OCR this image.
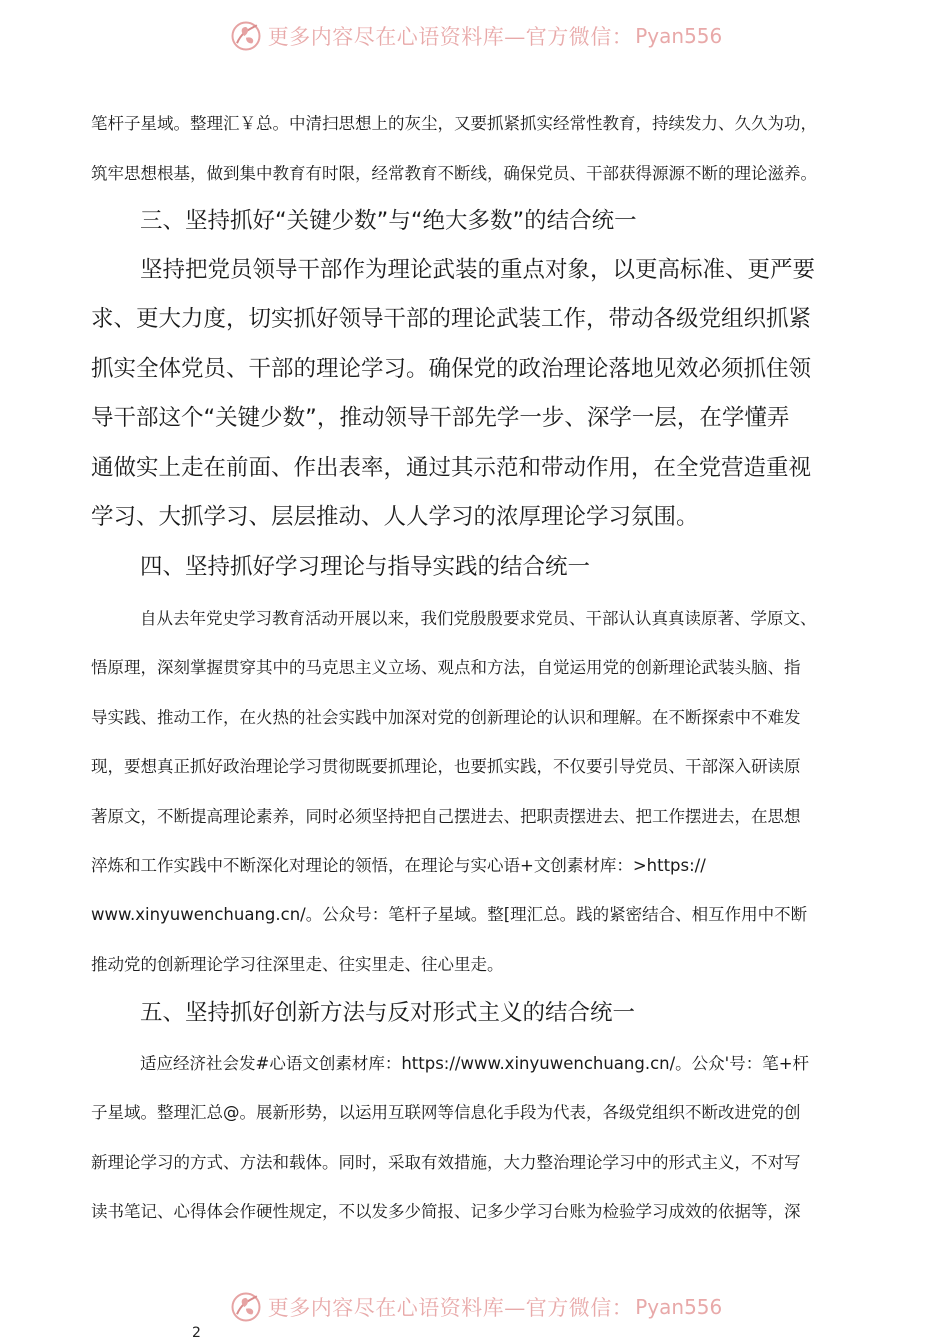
更多内容尽在心语资料库—官方微信： Pyan556
笔杆子星域。整理汇￥总。中清扫思想上的灰尘，又要抓紧抓实经常性教育，持续发力、久久为功，
筑牢思想根基，做到集中教育有时限，经常教育不断线，确保党员、干部获得源源不断的理论滋养。
三、坚持抓好“关键少数”与“绝大多数”的结合统一
坚持把党员领导干部作为理论武装的重点对象，以更高标准、更严要
求、更大力度，切实抓好领导干部的理论武装工作，带动各级党组织抓紧
抓实全体党员、干部的理论学习。确保党的政治理论落地见效必须抓住领
导干部这个“关键少数”，推动领导干部先学一步、深学一层，在学懂弄
通做实上走在前面、作出表率，通过其示范和带动作用，在全党营造重视
学习、大抓学习、层层推动、人人学习的浓厚理论学习氛围。
四、坚持抓好学习理论与指导实践的结合统一
自从去年党史学习教育活动开展以来，我们党殷殷要求党员、干部认认真真读原著、学原文、
悟原理，深刻掌握贯穿其中的马克思主义立场、观点和方法，自觉运用党的创新理论武装头脑、指
导实践、推动工作，在火热的社会实践中加深对党的创新理论的认识和理解。在不断探索中不难发
现，要想真正抓好政治理论学习贯彻既要抓理论，也要抓实践，不仅要引导党员、干部深入研读原
著原文，不断提高理论素养，同时必须坚持把自己摆进去、把职责摆进去、把工作摆进去，在思想
淬炼和工作实践中不断深化对理论的领悟，在理论与实心语+文创素材库：>https://
www.xinyuwenchuang.cn/。公众号：笔杆子星域。整[理汇总。践的紧密结合、相互作用中不断
推动党的创新理论学习往深里走、往实里走、往心里走。
五、坚持抓好创新方法与反对形式主义的结合统一
适应经济社会发#心语文创素材库：https://www.xinyuwenchuang.cn/。公众'号：笔+杆
子星域。整理汇总@。展新形势，以运用互联网等信息化手段为代表，各级党组织不断改进党的创
新理论学习的方式、方法和载体。同时，采取有效措施，大力整治理论学习中的形式主义，不对写
读书笔记、心得体会作硬性规定，不以发多少简报、记多少学习台账为检验学习成效的依据等，深
更多内容尽在心语资料库—官方微信： Pyan556
2
